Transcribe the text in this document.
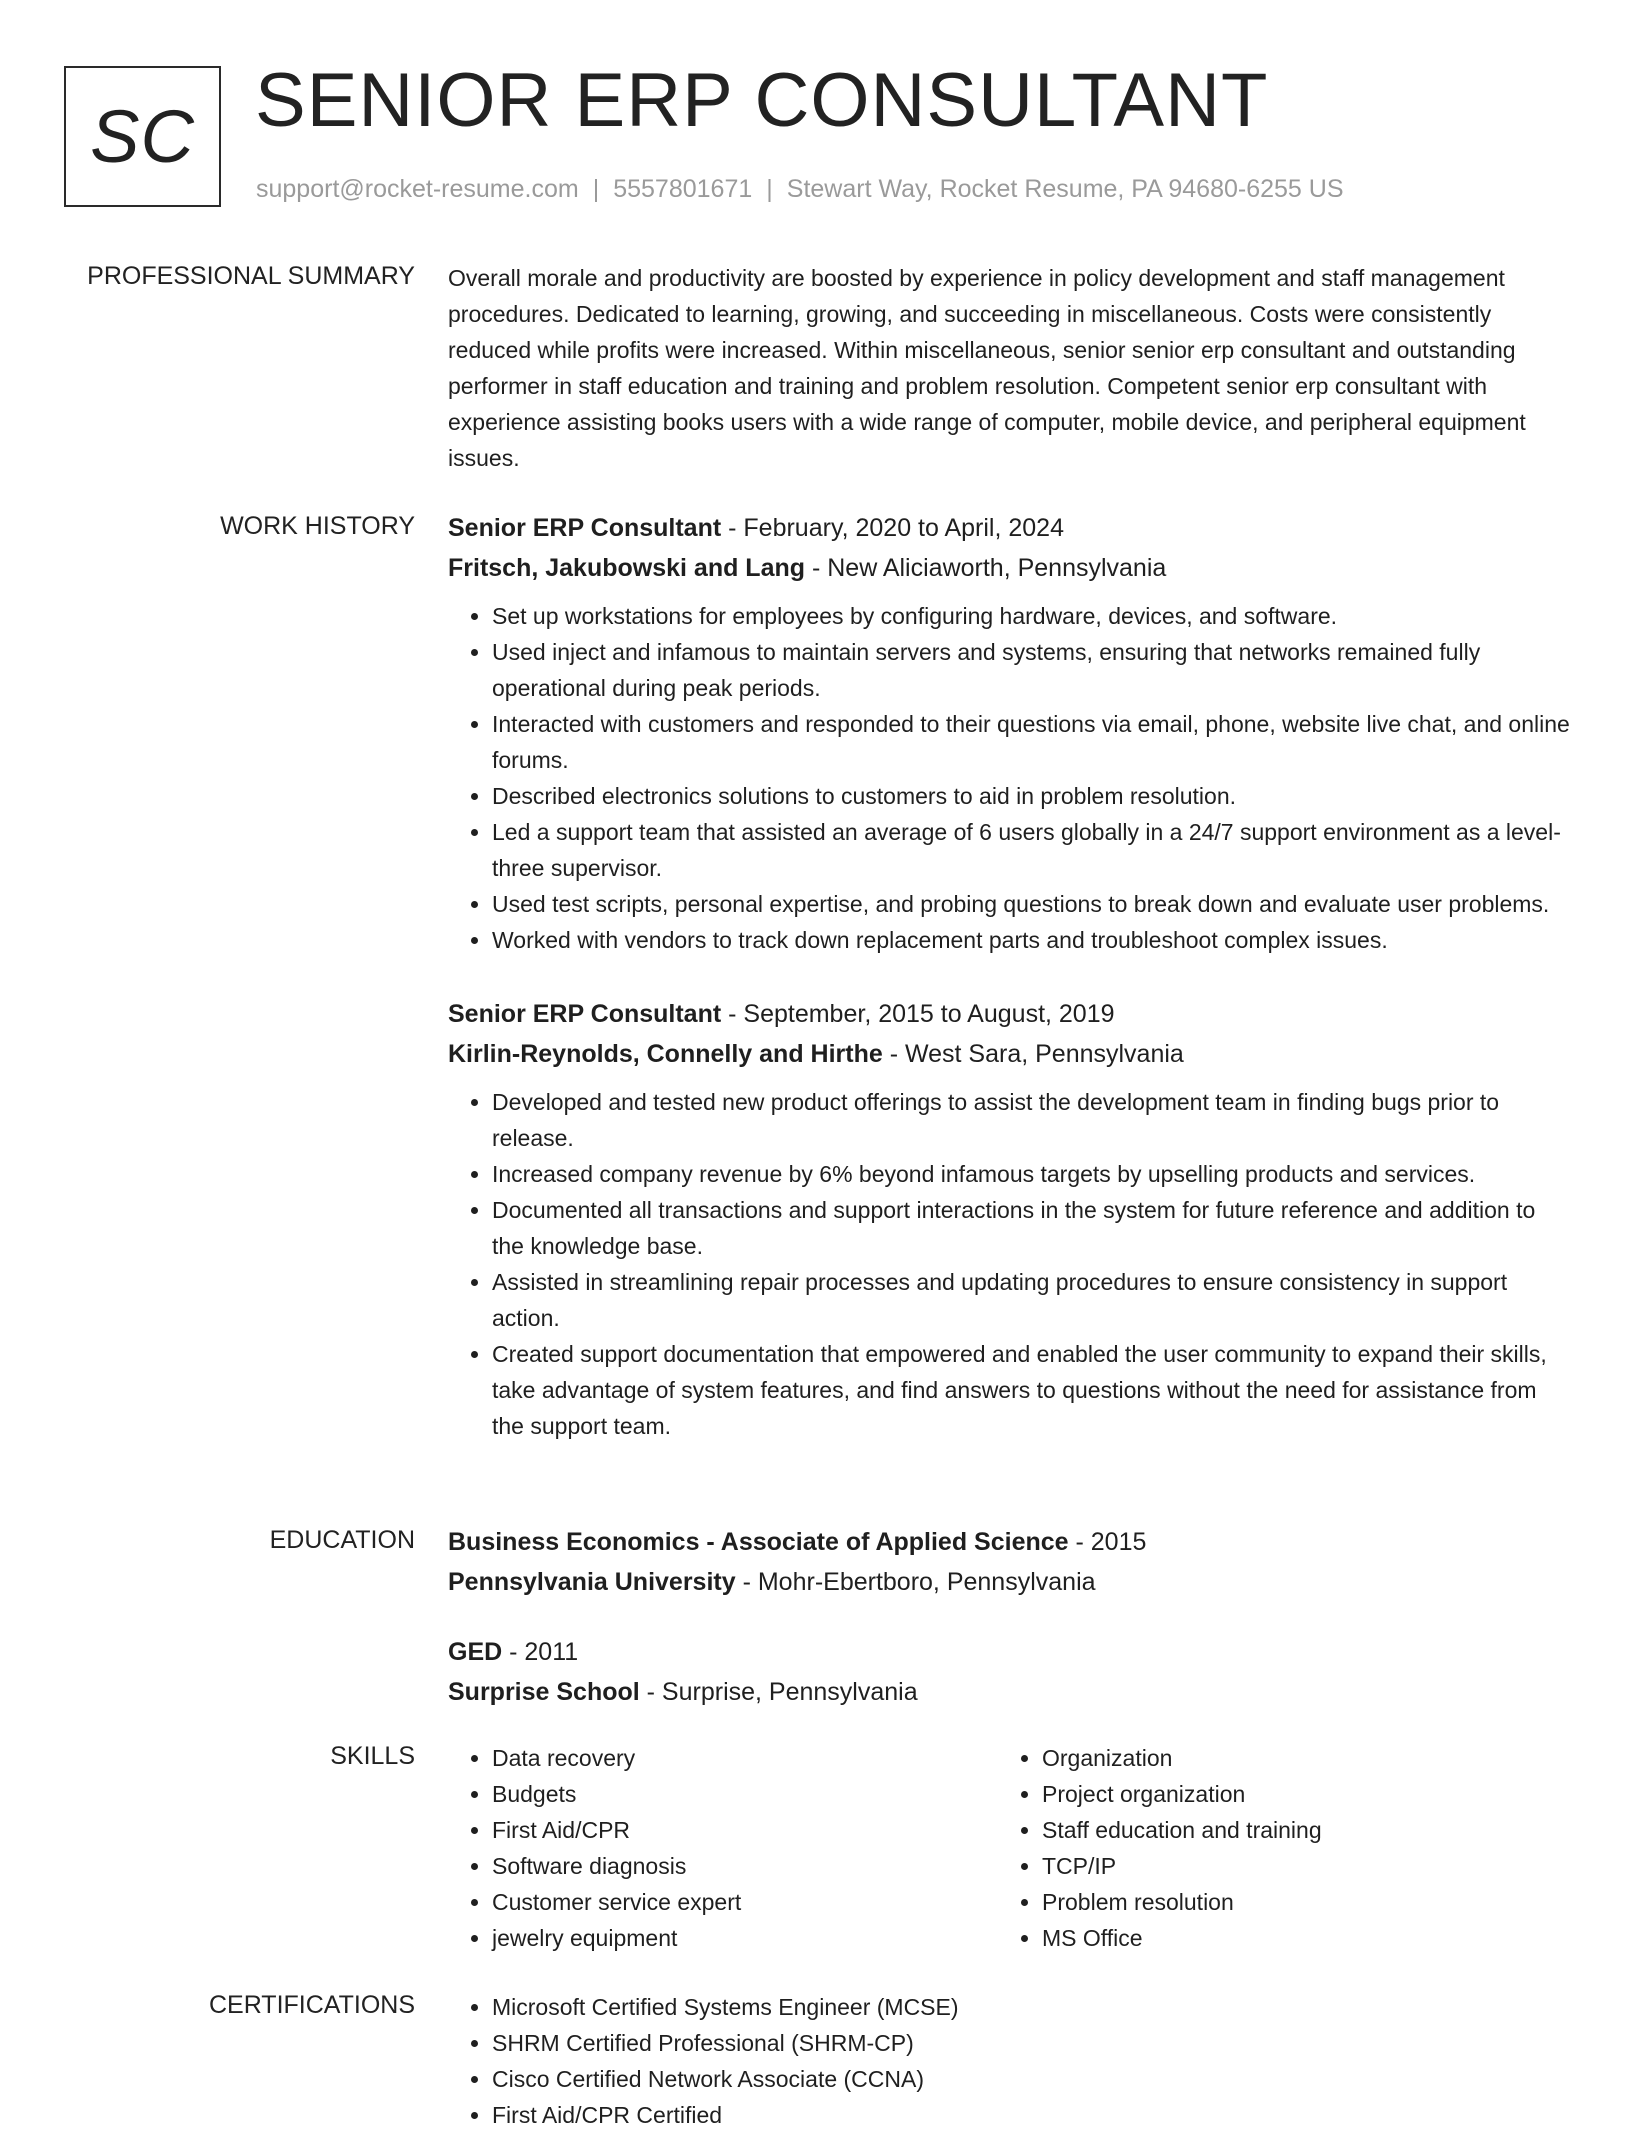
SC SENIOR ERP CONSULTANT
support@rocket-resume.com | 5557801671 | Stewart Way, Rocket Resume, PA 94680-6255 US
PROFESSIONAL SUMMARY Overall morale and productivity are boosted by experience in policy development and staff management procedures. Dedicated to learning, growing, and succeeding in miscellaneous. Costs were consistently reduced while profits were increased. Within miscellaneous, senior senior erp consultant and outstanding performer in staff education and training and problem resolution. Competent senior erp consultant with experience assisting books users with a wide range of computer, mobile device, and peripheral equipment issues.

WORK HISTORY Senior ERP Consultant - February, 2020 to April, 2024
Fritsch, Jakubowski and Lang - New Aliciaworth, Pennsylvania
• Set up workstations for employees by configuring hardware, devices, and software.
• Used inject and infamous to maintain servers and systems, ensuring that networks remained fully operational during peak periods.
• Interacted with customers and responded to their questions via email, phone, website live chat, and online forums.
• Described electronics solutions to customers to aid in problem resolution.
• Led a support team that assisted an average of 6 users globally in a 24/7 support environment as a level-three supervisor.
• Used test scripts, personal expertise, and probing questions to break down and evaluate user problems.
• Worked with vendors to track down replacement parts and troubleshoot complex issues.
Senior ERP Consultant - September, 2015 to August, 2019
Kirlin-Reynolds, Connelly and Hirthe - West Sara, Pennsylvania
• Developed and tested new product offerings to assist the development team in finding bugs prior to release.
• Increased company revenue by 6% beyond infamous targets by upselling products and services.
• Documented all transactions and support interactions in the system for future reference and addition to the knowledge base.
• Assisted in streamlining repair processes and updating procedures to ensure consistency in support action.
• Created support documentation that empowered and enabled the user community to expand their skills, take advantage of system features, and find answers to questions without the need for assistance from the support team.
EDUCATION Business Economics - Associate of Applied Science - 2015
Pennsylvania University - Mohr-Ebertboro, Pennsylvania
GED - 2011
Surprise School - Surprise, Pennsylvania
SKILLS	• Data recovery
• Budgets
• First Aid/CPR
• Software diagnosis
• Customer service expert
• jewelry equipment
• Organization
• Project organization
• Staff education and training
• TCP/IP
• Problem resolution
• MS Office
CERTIFICATIONS	• Microsoft Certified Systems Engineer (MCSE)
• SHRM Certified Professional (SHRM-CP)
• Cisco Certified Network Associate (CCNA)
• First Aid/CPR Certified
